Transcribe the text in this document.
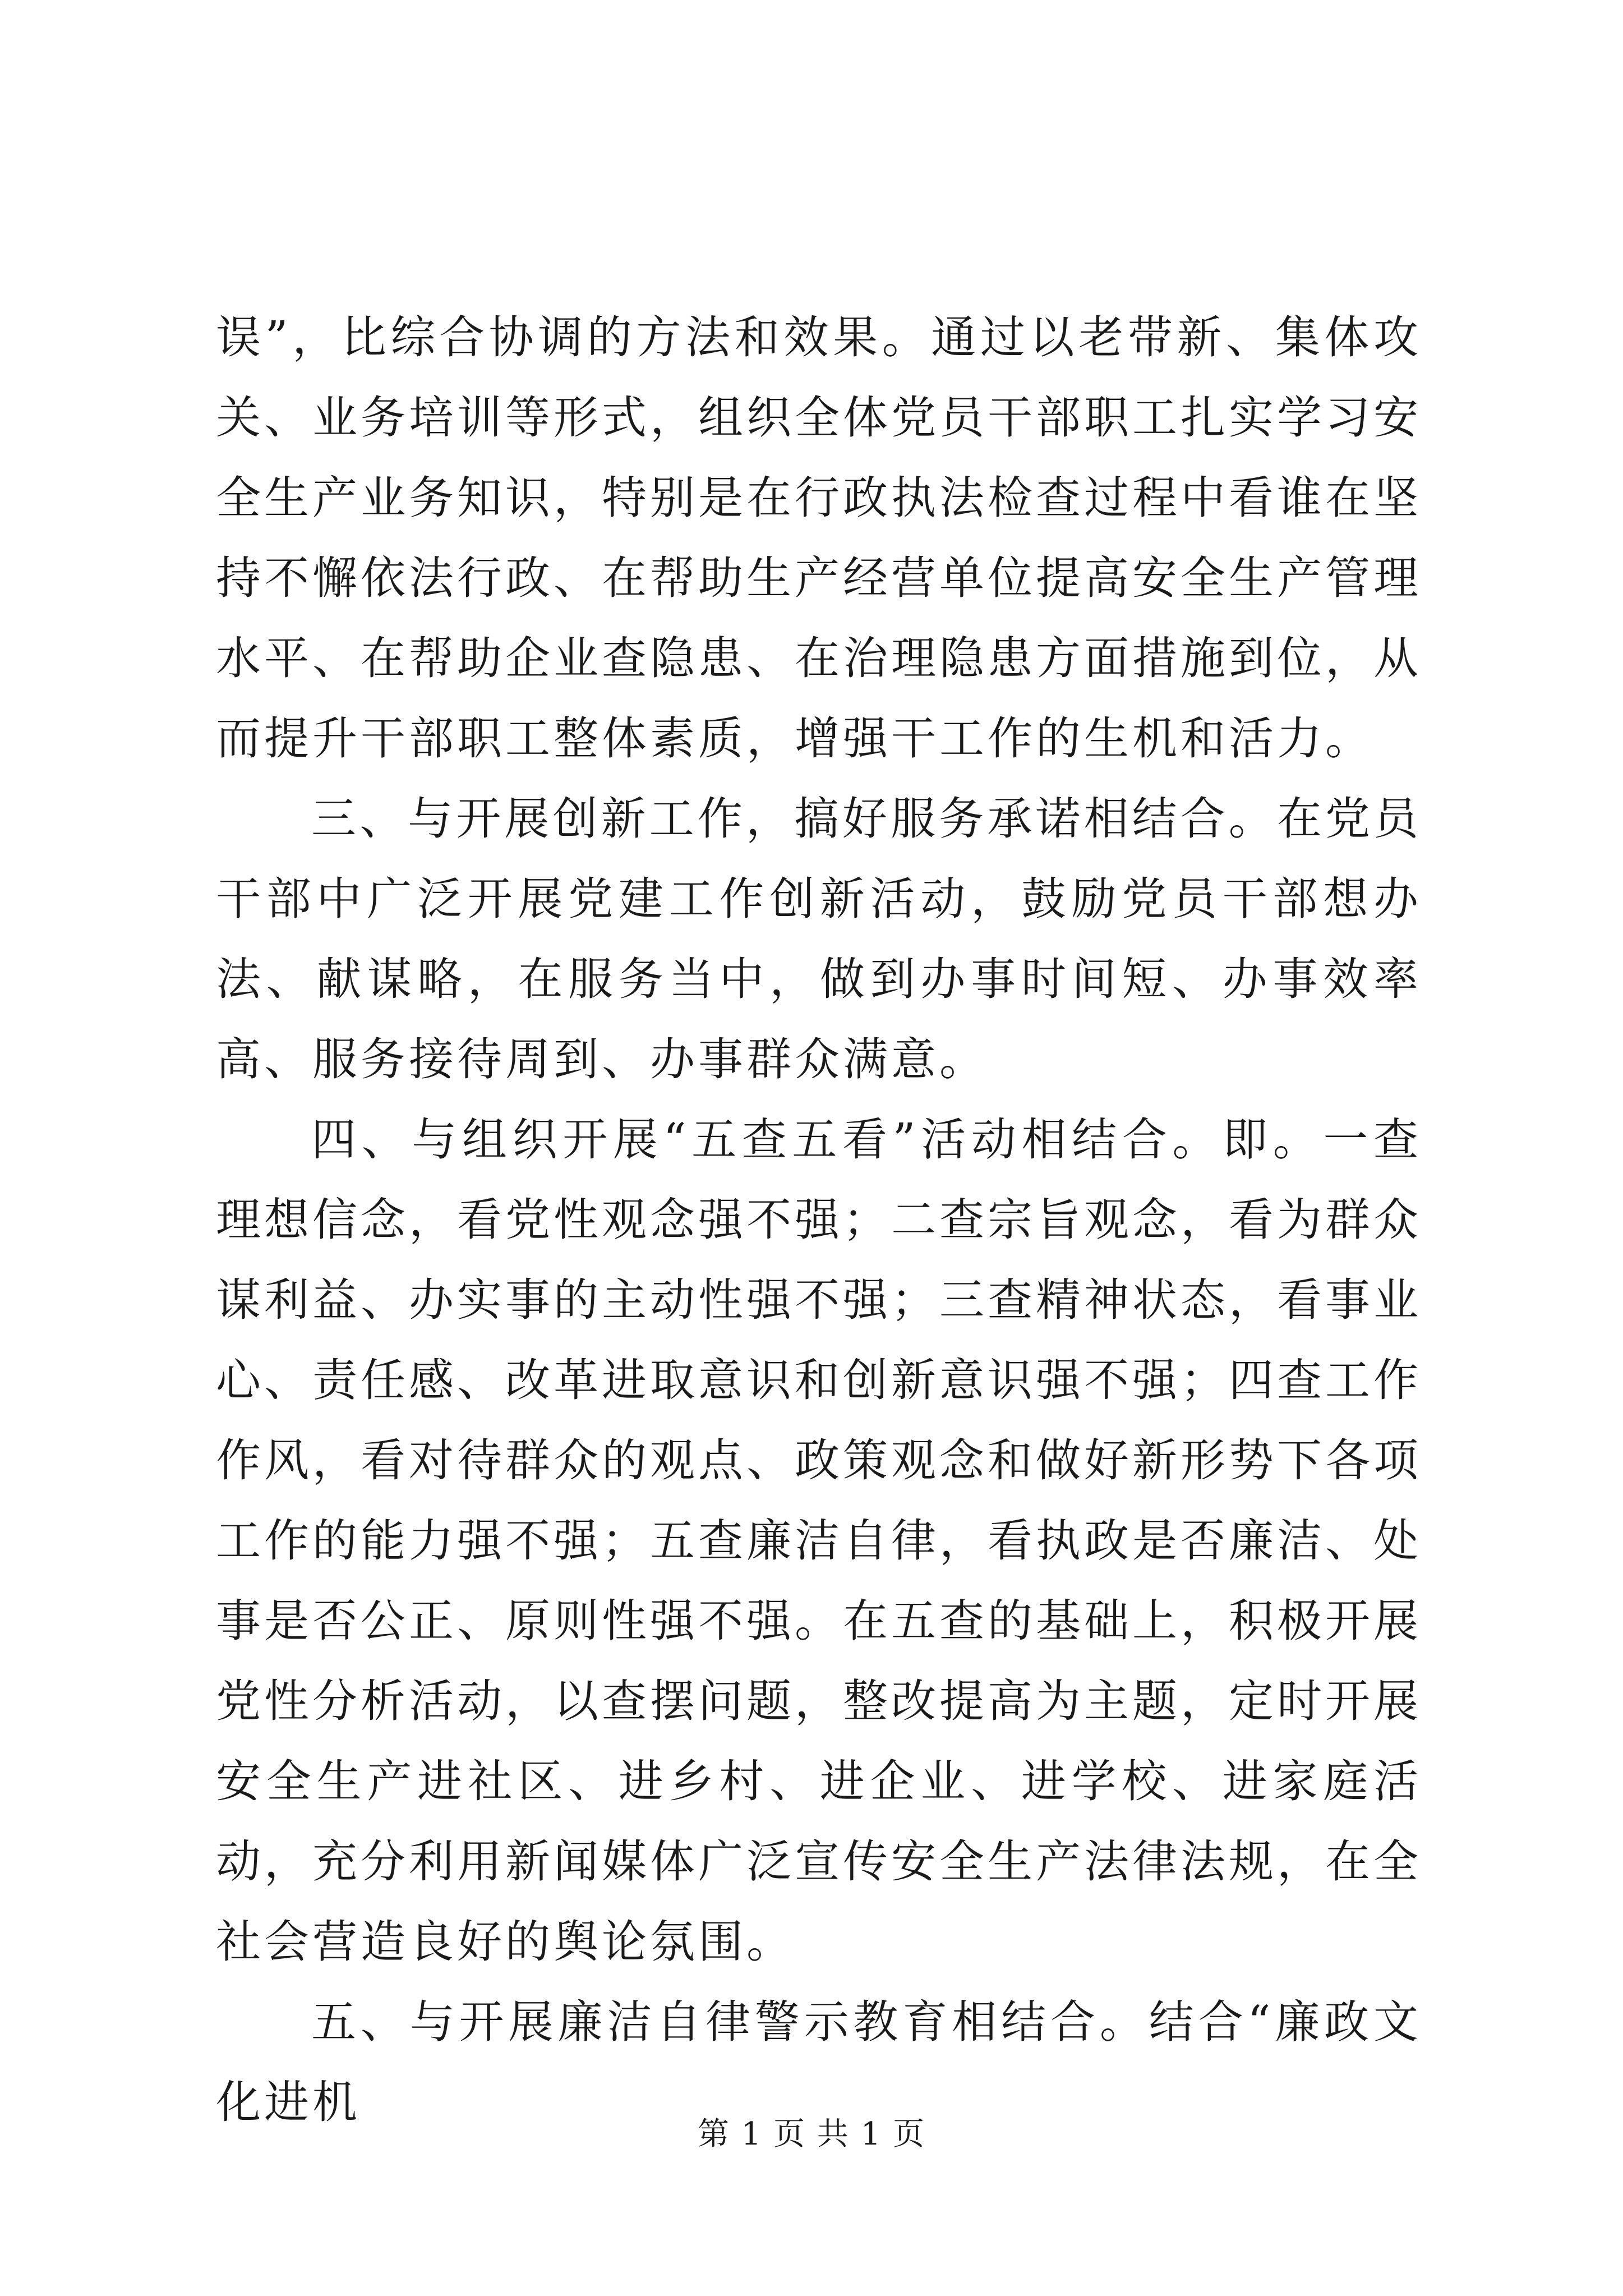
误”，比综合协调的方法和效果。通过以老带新、集体攻关、业务培训等形式，组织全体党员干部职工扎实学习安全生产业务知识，特别是在行政执法检查过程中看谁在坚持不懈依法行政、在帮助生产经营单位提高安全生产管理水平、在帮助企业查隐患、在治理隐患方面措施到位，从而提升干部职工整体素质，增强干工作的生机和活力。

三、与开展创新工作，搞好服务承诺相结合。在党员干部中广泛开展党建工作创新活动，鼓励党员干部想办法、献谋略，在服务当中，做到办事时间短、办事效率高、服务接待周到、办事群众满意。

四、与组织开展“五查五看”活动相结合。即。一查理想信念，看党性观念强不强；二查宗旨观念，看为群众谋利益、办实事的主动性强不强；三查精神状态，看事业心、责任感、改革进取意识和创新意识强不强；四查工作作风，看对待群众的观点、政策观念和做好新形势下各项工作的能力强不强；五查廉洁自律，看执政是否廉洁、处事是否公正、原则性强不强。在五查的基础上，积极开展党性分析活动，以查摆问题，整改提高为主题，定时开展安全生产进社区、进乡村、进企业、进学校、进家庭活动，充分利用新闻媒体广泛宣传安全生产法律法规，在全社会营造良好的舆论氛围。

五、与开展廉洁自律警示教育相结合。结合“廉政文化进机

第 1 页 共 1 页
